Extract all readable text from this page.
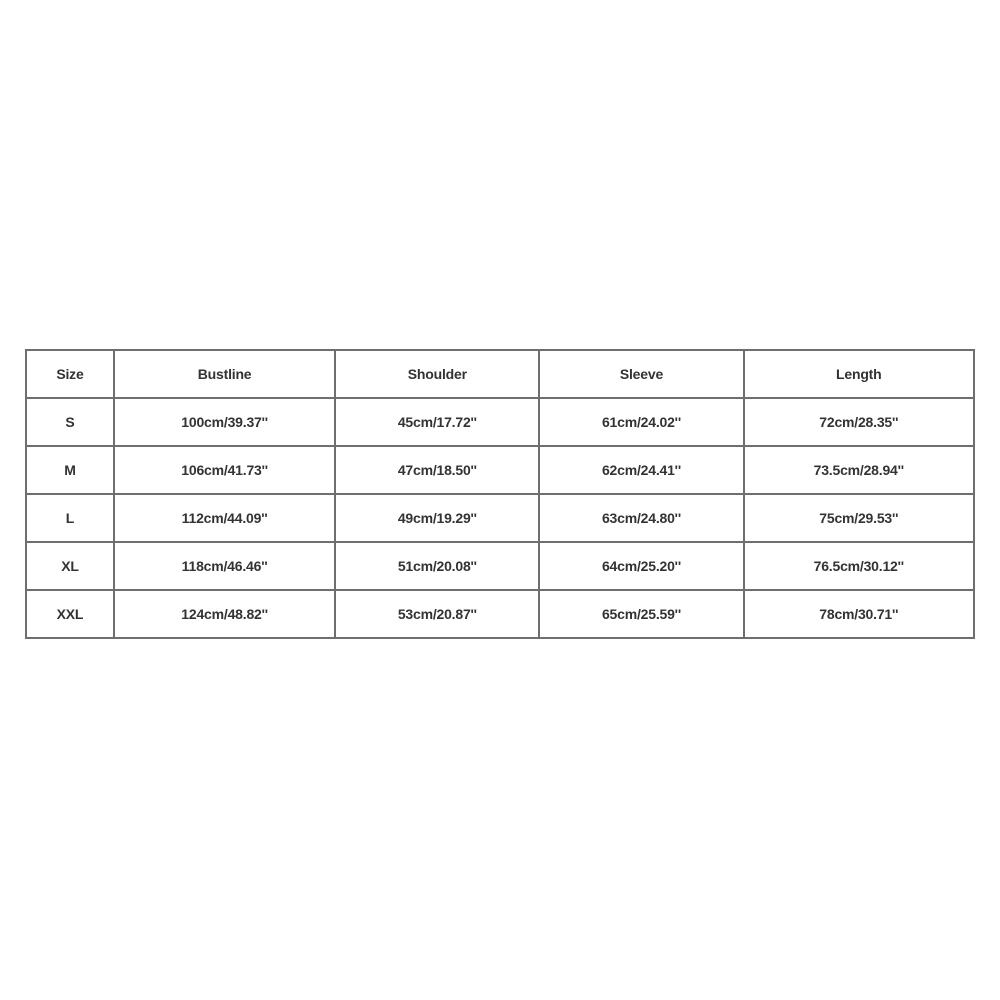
Size	Bustline	Shoulder	Sleeve	Length
S	100cm/39.37''	45cm/17.72''	61cm/24.02''	72cm/28.35''
M	106cm/41.73''	47cm/18.50''	62cm/24.41''	73.5cm/28.94''
L	112cm/44.09''	49cm/19.29''	63cm/24.80''	75cm/29.53''
XL	118cm/46.46''	51cm/20.08''	64cm/25.20''	76.5cm/30.12''
XXL	124cm/48.82''	53cm/20.87''	65cm/25.59''	78cm/30.71''
